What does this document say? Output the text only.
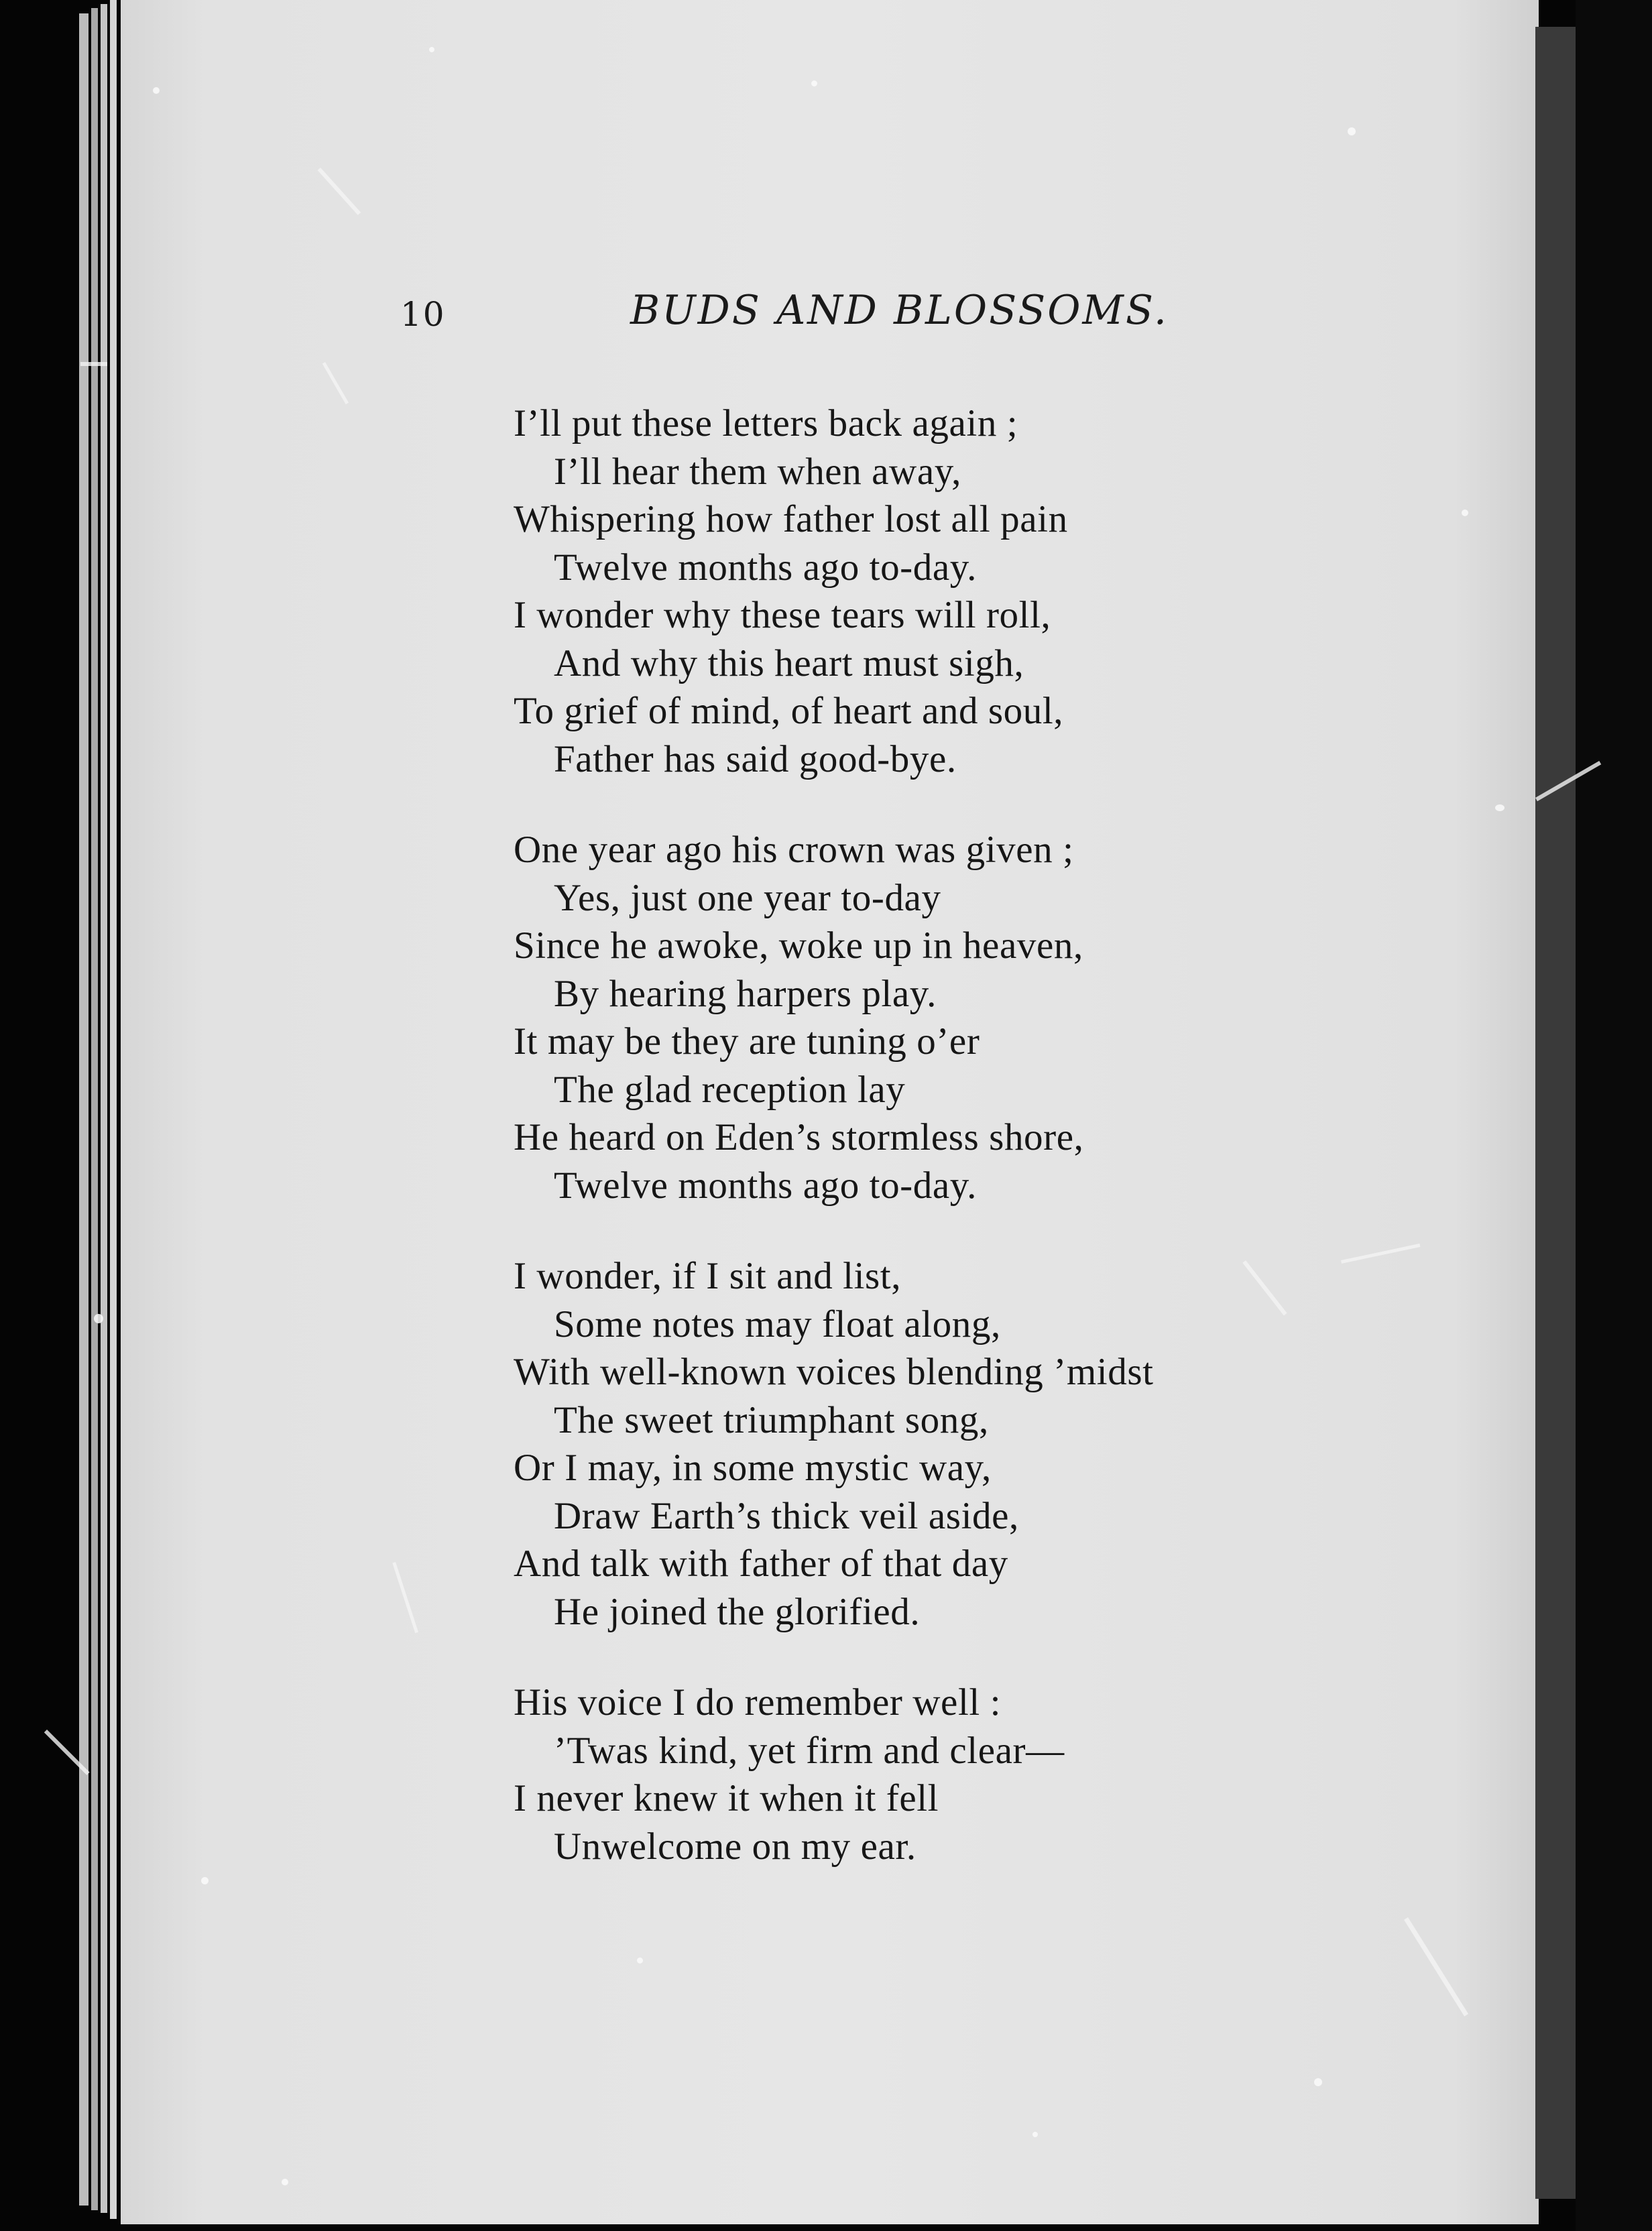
10	BUDS AND BLOSSOMS.
I’ll put these letters back again ;
I’ll hear them when away,
Whispering how father lost all pain
Twelve months ago to-day.
I wonder why these tears will roll,
And why this heart must sigh,
To grief of mind, of heart and soul,
Father has said good-bye.
One year ago his crown was given ;
Yes, just one year to-day
Since he awoke, woke up in heaven,
By hearing harpers play.
It may be they are tuning o’er
The glad reception lay
He heard on Eden’s stormless shore,
Twelve months ago to-day.
I wonder, if I sit and list,
Some notes may float along,
With well-known voices blending ’midst
The sweet triumphant song,
Or I may, in some mystic way,
Draw Earth’s thick veil aside,
And talk with father of that day
He joined the glorified.
His voice I do remember well :
’Twas kind, yet firm and clear—
I never knew it when it fell
Unwelcome on my ear.
